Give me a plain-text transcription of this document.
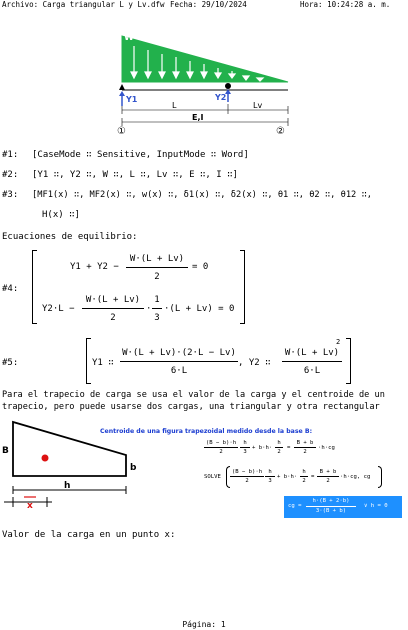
Archivo: Carga triangular L y Lv.dfw Fecha: 29/10/2024	Hora: 10:24:28 a. m.
W
Y1	Y2
L	Lv
E,I
①	②
#1: [CaseMode ∷ Sensitive, InputMode ∷ Word]
#2: [Y1 ∷, Y2 ∷, W ∷, L ∷, Lv ∷, E ∷, I ∷]
#3: [MF1(x) ∷, MF2(x) ∷, w(x) ∷, δ1(x) ∷, δ2(x) ∷, θ1 ∷, θ2 ∷, θ12 ∷,
H(x) ∷]
Ecuaciones de equilibrio:
#4:
Y1 + Y2 −
W·(L + Lv)
2
= 0
Y2·L −
W·(L + Lv)
2
·
1
3
·(L + Lv) = 0
#5:	Y1 ∷
W·(L + Lv)·(2·L − Lv)
6·L
, Y2 ∷
W·(L + Lv)
2
6·L
Para el trapecio de carga se usa el valor de la carga y el centroide de un
trapecio, pero puede usarse dos cargas, una triangular y otra rectangular
B
b
h
x
Centroide de una figura trapezoidal medido desde la base B:
(B − b)·h
2
h
3
+ b·h·
h
2
=
B + b
2
·h·cg
SOLVE
(B − b)·h
2
h
3
+ b·h·
h
2
=
B + b
2
·h·cg, cg
cg =
h·(B + 2·b)
3·(B + b)
∨ h = 0
Valor de la carga en un punto x:
Página: 1
